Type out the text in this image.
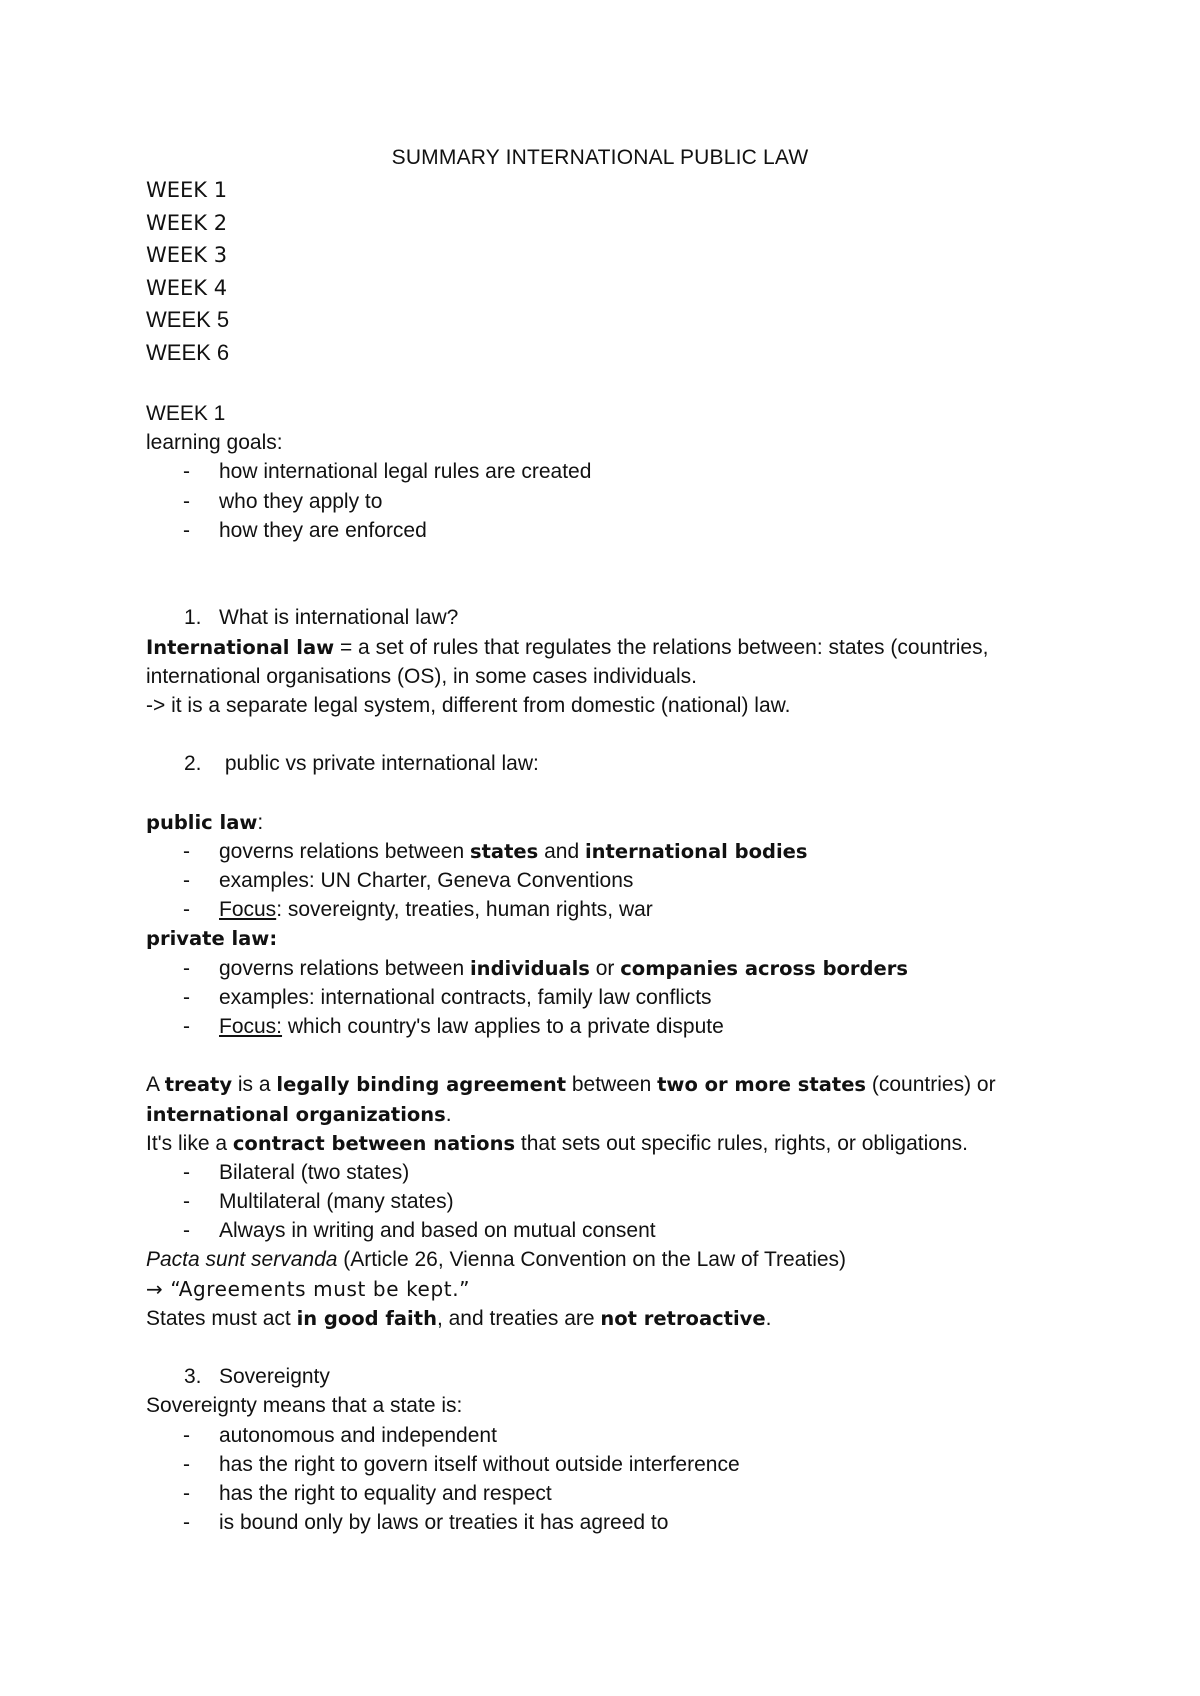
SUMMARY INTERNATIONAL PUBLIC LAW
WEEK 1
WEEK 2
WEEK 3
WEEK 4
WEEK 5
WEEK 6
WEEK 1
learning goals:
- how international legal rules are created
- who they apply to
- how they are enforced
1. What is international law?
International law = a set of rules that regulates the relations between: states (countries,
international organisations (OS), in some cases individuals.
-> it is a separate legal system, different from domestic (national) law.
2. public vs private international law:
public law:
- governs relations between states and international bodies
- examples: UN Charter, Geneva Conventions
- Focus: sovereignty, treaties, human rights, war
private law:
- governs relations between individuals or companies across borders
- examples: international contracts, family law conflicts
- Focus: which country's law applies to a private dispute
A treaty is a legally binding agreement between two or more states (countries) or
international organizations.
It's like a contract between nations that sets out specific rules, rights, or obligations.
- Bilateral (two states)
- Multilateral (many states)
- Always in writing and based on mutual consent
Pacta sunt servanda (Article 26, Vienna Convention on the Law of Treaties)
→ “Agreements must be kept.”
States must act in good faith, and treaties are not retroactive.
3. Sovereignty
Sovereignty means that a state is:
- autonomous and independent
- has the right to govern itself without outside interference
- has the right to equality and respect
- is bound only by laws or treaties it has agreed to
